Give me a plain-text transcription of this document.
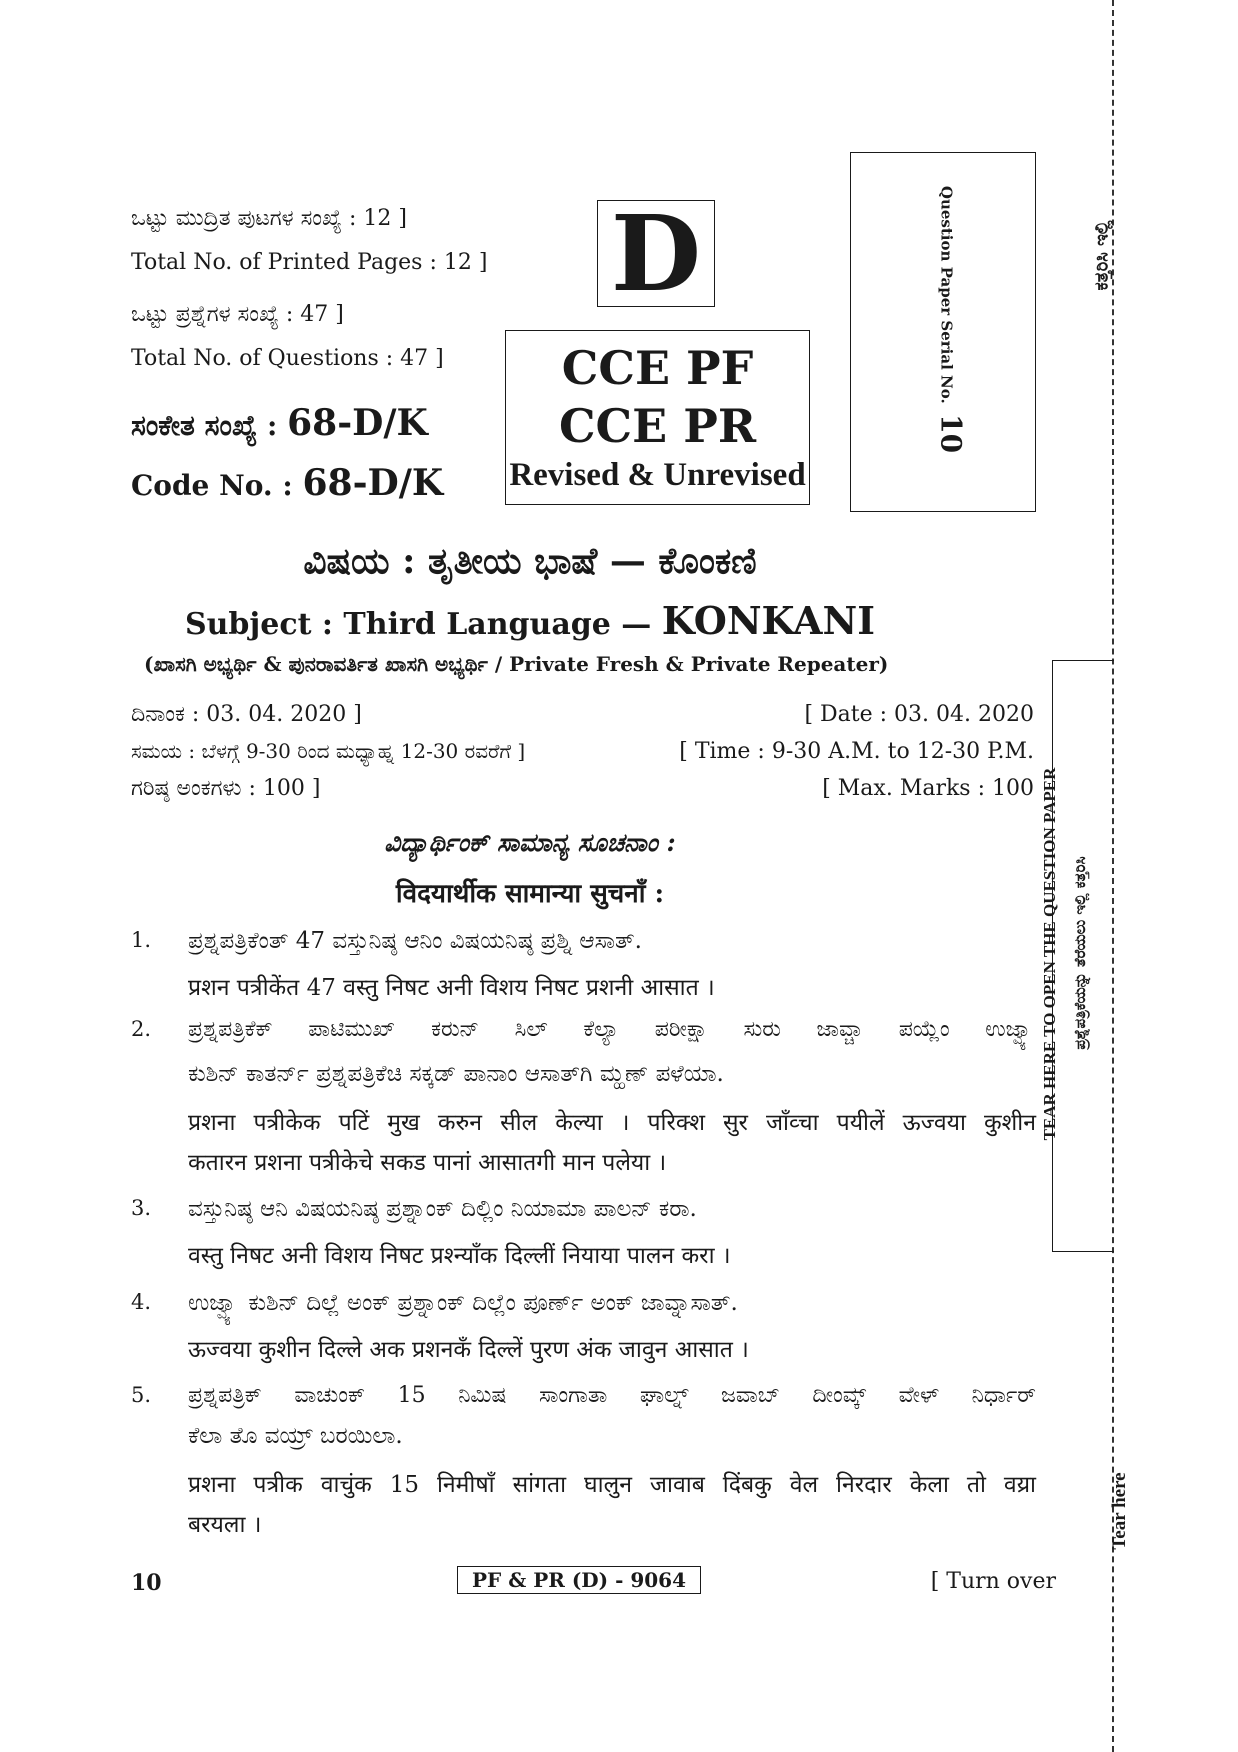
ಒಟ್ಟು ಮುದ್ರಿತ ಪುಟಗಳ ಸಂಖ್ಯೆ : 12 ]
Total No. of Printed Pages : 12 ]
ಒಟ್ಟು ಪ್ರಶ್ನೆಗಳ ಸಂಖ್ಯೆ : 47 ]
Total No. of Questions : 47 ]
ಸಂಕೇತ ಸಂಖ್ಯೆ : 68-D/K
Code No. : 68-D/K
D
CCE PF
CCE PR
Revised & Unrevised
Question Paper Serial No.  10
ಕತ್ತರಿಸಿ ಇಲ್ಲಿ
TEAR HERE TO OPEN THE QUESTION PAPER ಪ್ರಶ್ನೆಪತ್ರಿಕೆಯನ್ನು ತೆರೆಯಲು ಇಲ್ಲಿ ಕತ್ತರಿಸಿ
Tear here
ವಿಷಯ : ತೃತೀಯ ಭಾಷೆ — ಕೊಂಕಣಿ
Subject : Third Language — KONKANI
(ಖಾಸಗಿ ಅಭ್ಯರ್ಥಿ & ಪುನರಾವರ್ತಿತ ಖಾಸಗಿ ಅಭ್ಯರ್ಥಿ / Private Fresh & Private Repeater)
ದಿನಾಂಕ : 03. 04. 2020 ]	[ Date : 03. 04. 2020
ಸಮಯ : ಬೆಳಗ್ಗೆ 9-30 ರಿಂದ ಮಧ್ಯಾಹ್ನ 12-30 ರವರೆಗೆ ]	[ Time : 9-30 A.M. to 12-30 P.M.
ಗರಿಷ್ಠ ಅಂಕಗಳು : 100 ]	[ Max. Marks : 100
ವಿದ್ಯಾರ್ಥಿಂಕ್ ಸಾಮಾನ್ಯ ಸೂಚನಾಂ :
विदयार्थीक सामान्या सुचनाँ :
1. ಪ್ರಶ್ನಪತ್ರಿಕೆಂತ್ 47 ವಸ್ತುನಿಷ್ಠ ಆನಿಂ ವಿಷಯನಿಷ್ಠ ಪ್ರಶ್ನಿ ಆಸಾತ್.
प्रशन पत्रीकेंत 47 वस्तु निषट अनी विशय निषट प्रशनी आसात ।
2. ಪ್ರಶ್ನಪತ್ರಿಕೆಕ್ ಪಾಟಿಮುಖ್ ಕರುನ್ ಸಿಲ್ ಕೆಲ್ಯಾ ಪರೀಕ್ಷಾ ಸುರು ಜಾವ್ಚಾ ಪಯ್ಲೆಂ ಉಜ್ವ್ಯಾ
ಕುಶಿನ್ ಕಾತರ್ನ್ ಪ್ರಶ್ನಪತ್ರಿಕೆಚಿ ಸಕ್ಕಡ್ ಪಾನಾಂ ಆಸಾತ್‌ಗಿ ಮ್ಹಣ್ ಪಳೆಯಾ.
प्रशना पत्रीकेक पटिं मुख करुन सील केल्या । परिक्श सुर जाँव्चा पयीलें ऊज्वया कुशीन
कतारन प्रशना पत्रीकेचे सकड पानां आसातगी मान पलेया ।
3. ವಸ್ತುನಿಷ್ಠ ಆನಿ ವಿಷಯನಿಷ್ಠ ಪ್ರಶ್ನಾಂಕ್ ದಿಲ್ಲಿಂ ನಿಯಾಮಾ ಪಾಲನ್ ಕರಾ.
वस्तु निषट अनी विशय निषट प्रश्न्याँक दिल्लीं नियाया पालन करा ।
4. ಉಜ್ವ್ಯಾ ಕುಶಿನ್ ದಿಲ್ಲೆ ಅಂಕ್ ಪ್ರಶ್ನಾಂಕ್ ದಿಲ್ಲೆಂ ಪೂರ್ಣ್ ಅಂಕ್ ಜಾವ್ನಾಸಾತ್.
ऊज्वया कुशीन दिल्ले अक प्रशनकँ दिल्लें पुरण अंक जावुन आसात ।
5. ಪ್ರಶ್ನಪತ್ರಿಕ್ ವಾಚುಂಕ್ 15 ನಿಮಿಷ ಸಾಂಗಾತಾ ಘಾಲ್ನ್ ಜವಾಬ್ ದೀಂವ್ಕ್ ವೇಳ್ ನಿರ್ಧಾರ್
ಕೆಲಾ ತೊ ವಯ್ರ್ ಬರಯಿಲಾ.
प्रशना पत्रीक वाचुंक 15 निमीषाँ सांगता घालुन जावाब दिंबकु वेल निरदार केला तो वय्रा
बरयला ।
10	PF & PR (D) - 9064	[ Turn over
